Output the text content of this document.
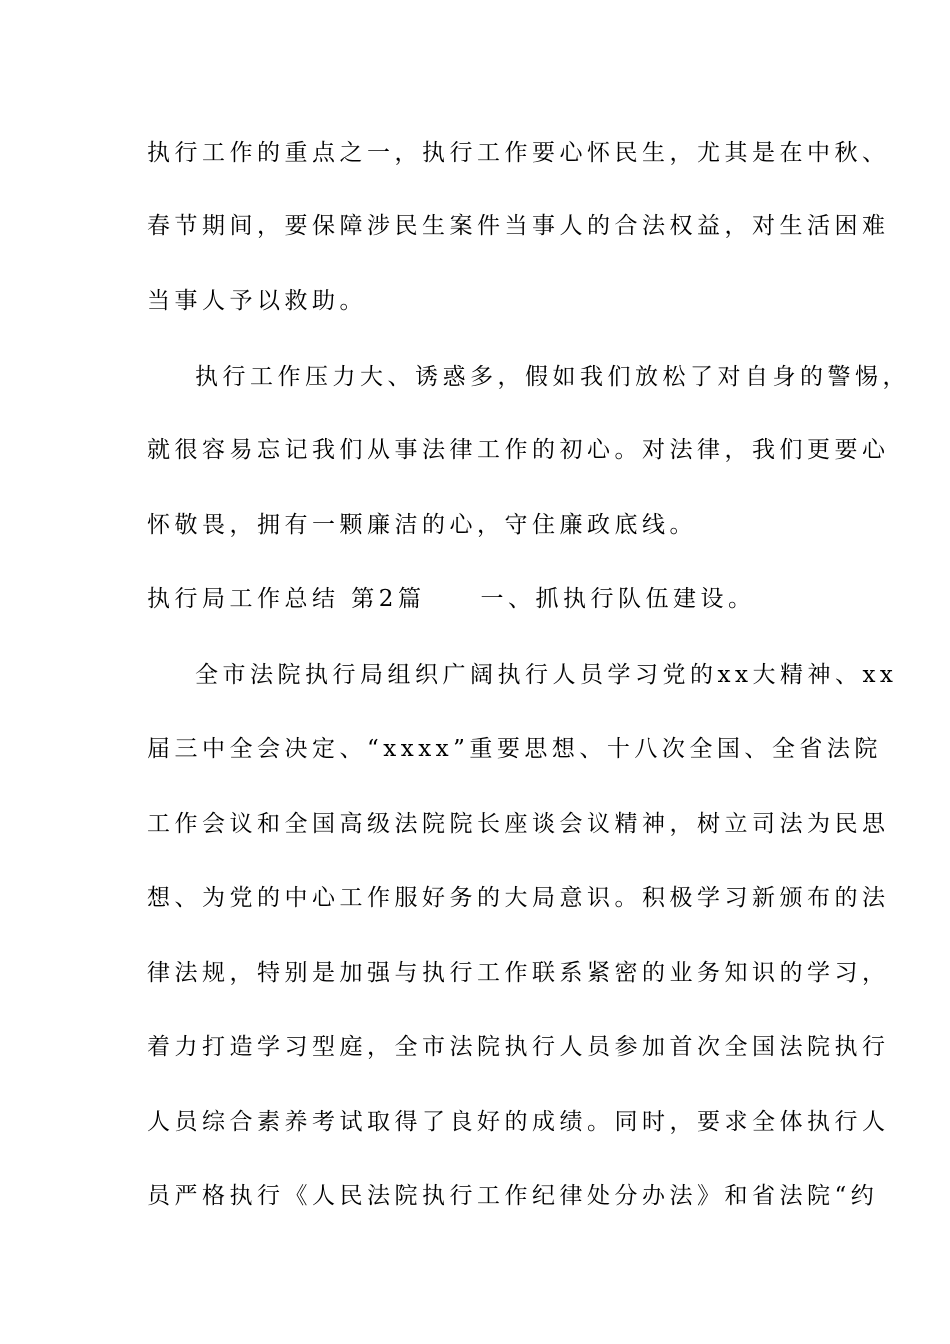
执行工作的重点之一，执行工作要心怀民生，尤其是在中秋、
春节期间，要保障涉民生案件当事人的合法权益，对生活困难
当事人予以救助。
执行工作压力大、诱惑多，假如我们放松了对自身的警惕，
就很容易忘记我们从事法律工作的初心。对法律，我们更要心
怀敬畏，拥有一颗廉洁的心，守住廉政底线。
执行局工作总结 第2篇　　一、抓执行队伍建设。
全市法院执行局组织广阔执行人员学习党的xx大精神、xx
届三中全会决定、“xxxx”重要思想、十八次全国、全省法院
工作会议和全国高级法院院长座谈会议精神，树立司法为民思
想、为党的中心工作服好务的大局意识。积极学习新颁布的法
律法规，特别是加强与执行工作联系紧密的业务知识的学习，
着力打造学习型庭，全市法院执行人员参加首次全国法院执行
人员综合素养考试取得了良好的成绩。同时，要求全体执行人
员严格执行《人民法院执行工作纪律处分办法》和省法院“约
